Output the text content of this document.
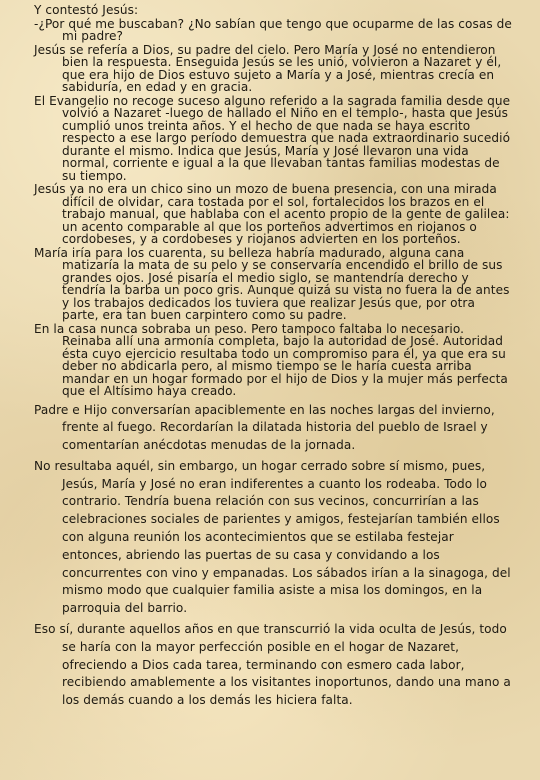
Y contestó Jesús:

-¿Por qué me buscaban? ¿No sabían que tengo que ocuparme de las cosas de mi padre?

Jesús se refería a Dios, su padre del cielo. Pero María y José no entendieron bien la respuesta. Enseguida Jesús se les unió, volvieron a Nazaret y él, que era hijo de Dios estuvo sujeto a María y a José, mientras crecía en sabiduría, en edad y en gracia.

El Evangelio no recoge suceso alguno referido a la sagrada familia desde que volvió a Nazaret -luego de hallado el Niño en el templo-, hasta que Jesús cumplió unos treinta años. Y el hecho de que nada se haya escrito respecto a ese largo período demuestra que nada extraordinario sucedió durante el mismo. Indica que Jesús, María y José llevaron una vida normal, corriente e igual a la que llevaban tantas familias modestas de su tiempo.

Jesús ya no era un chico sino un mozo de buena presencia, con una mirada difícil de olvidar, cara tostada por el sol, fortalecidos los brazos en el trabajo manual, que hablaba con el acento propio de la gente de galilea: un acento comparable al que los porteños advertimos en riojanos o cordobeses, y a cordobeses y riojanos advierten en los porteños.

María iría para los cuarenta, su belleza habría madurado, alguna cana matizaría la mata de su pelo y se conservaría encendido el brillo de sus grandes ojos. José pisaría el medio siglo, se mantendría derecho y tendría la barba un poco gris. Aunque quizá su vista no fuera la de antes y los trabajos dedicados los tuviera que realizar Jesús que, por otra parte, era tan buen carpintero como su padre.

En la casa nunca sobraba un peso. Pero tampoco faltaba lo necesario. Reinaba allí una armonía completa, bajo la autoridad de José. Autoridad ésta cuyo ejercicio resultaba todo un compromiso para él, ya que era su deber no abdicarla pero, al mismo tiempo se le haría cuesta arriba mandar en un hogar formado por el hijo de Dios y la mujer más perfecta que el Altísimo haya creado.

Padre e Hijo conversarían apaciblemente en las noches largas del invierno, frente al fuego. Recordarían la dilatada historia del pueblo de Israel y comentarían anécdotas menudas de la jornada.

No resultaba aquél, sin embargo, un hogar cerrado sobre sí mismo, pues, Jesús, María y José no eran indiferentes a cuanto los rodeaba. Todo lo contrario. Tendría buena relación con sus vecinos, concurrirían a las celebraciones sociales de parientes y amigos, festejarían también ellos con alguna reunión los acontecimientos que se estilaba festejar entonces, abriendo las puertas de su casa y convidando a los concurrentes con vino y empanadas. Los sábados irían a la sinagoga, del mismo modo que cualquier familia asiste a misa los domingos, en la parroquia del barrio.

Eso sí, durante aquellos años en que transcurrió la vida oculta de Jesús, todo se haría con la mayor perfección posible en el hogar de Nazaret, ofreciendo a Dios cada tarea, terminando con esmero cada labor, recibiendo amablemente a los visitantes inoportunos, dando una mano a los demás cuando a los demás les hiciera falta.
